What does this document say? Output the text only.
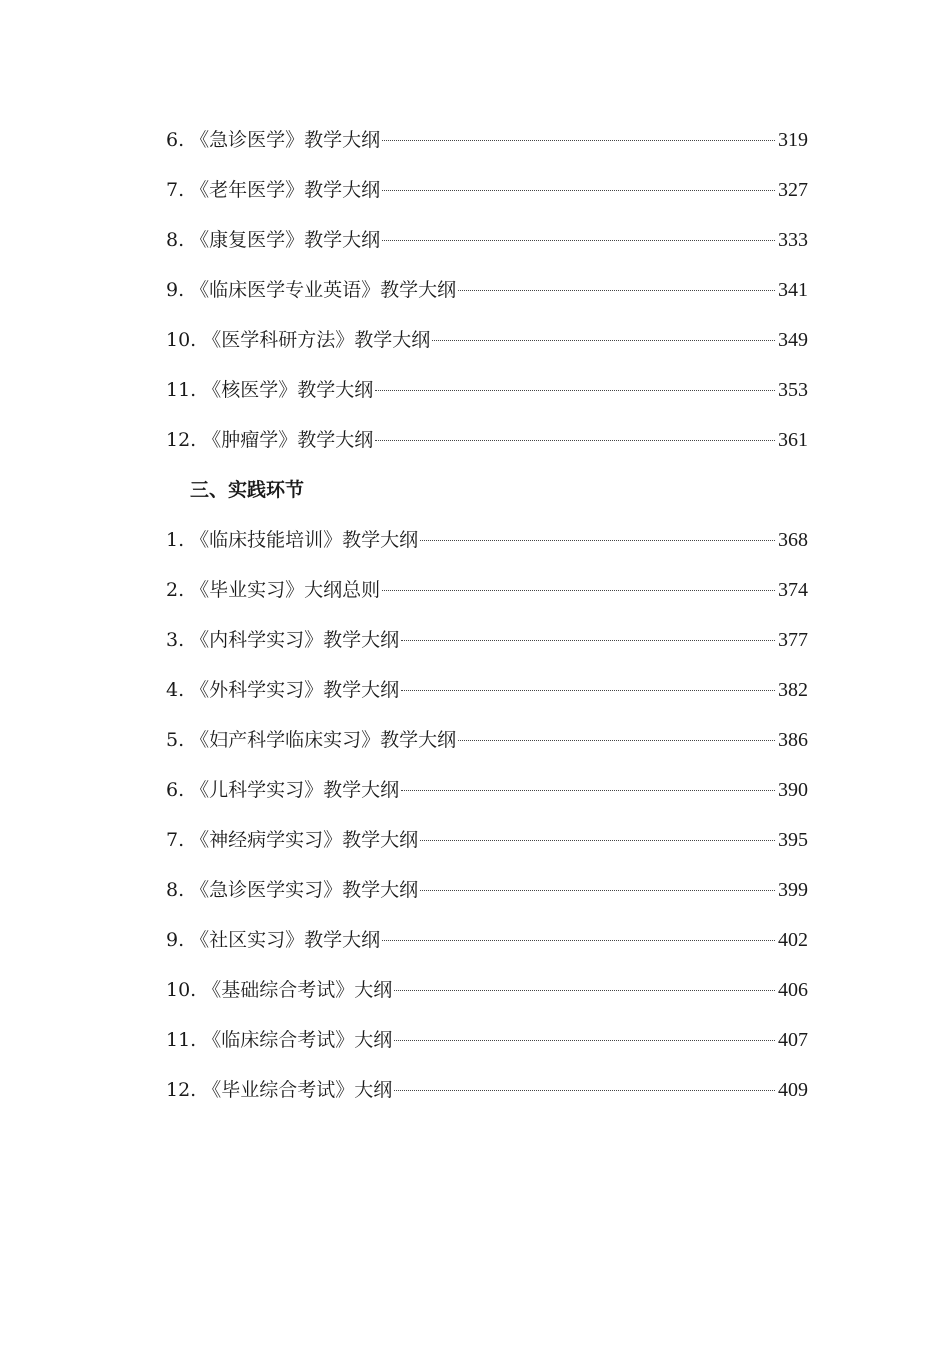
6. 《急诊医学》教学大纲	319
7. 《老年医学》教学大纲	327
8. 《康复医学》教学大纲	333
9. 《临床医学专业英语》教学大纲	341
10. 《医学科研方法》教学大纲	349
11. 《核医学》教学大纲	353
12. 《肿瘤学》教学大纲	361
三、实践环节
1. 《临床技能培训》教学大纲	368
2. 《毕业实习》大纲总则	374
3. 《内科学实习》教学大纲	377
4. 《外科学实习》教学大纲	382
5. 《妇产科学临床实习》教学大纲	386
6. 《儿科学实习》教学大纲	390
7. 《神经病学实习》教学大纲	395
8. 《急诊医学实习》教学大纲	399
9. 《社区实习》教学大纲	402
10. 《基础综合考试》大纲	406
11. 《临床综合考试》大纲	407
12. 《毕业综合考试》大纲	409
